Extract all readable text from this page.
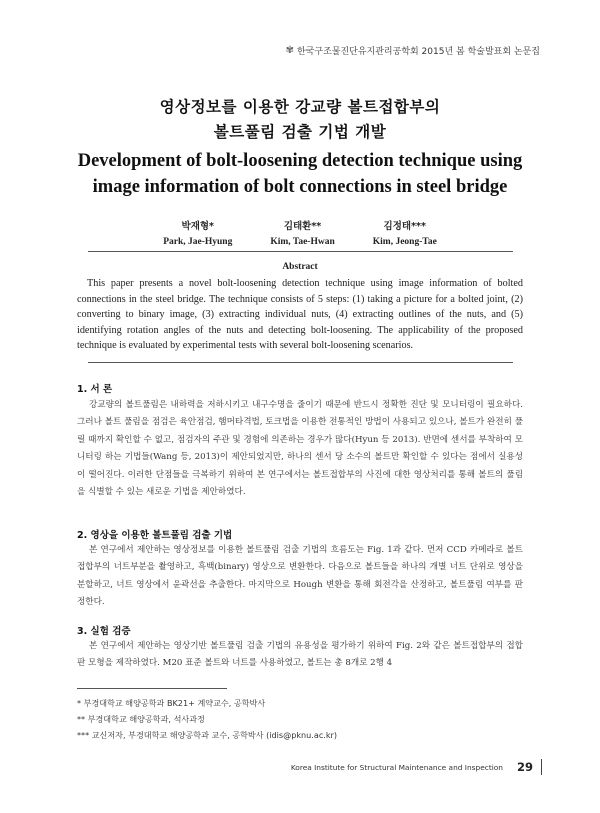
✾ 한국구조물진단유지관리공학회 2015년 봄 학술발표회 논문집
영상정보를 이용한 강교량 볼트접합부의
볼트풀림 검출 기법 개발
Development of bolt-loosening detection technique using
image information of bolt connections in steel bridge
박재형*
Park, Jae-Hyung
김태환**
Kim, Tae-Hwan
김정태***
Kim, Jeong-Tae
Abstract

This paper presents a novel bolt-loosening detection technique using image information of bolted connections in the steel bridge. The technique consists of 5 steps: (1) taking a picture for a bolted joint, (2) converting to binary image, (3) extracting individual nuts, (4) extracting outlines of the nuts, and (5) identifying rotation angles of the nuts and detecting bolt-loosening. The applicability of the proposed technique is evaluated by experimental tests with several bolt-loosening scenarios.

1. 서 론

강교량의 볼트풀림은 내하력을 저하시키고 내구수명을 줄이기 때문에 반드시 정확한 진단 및 모니터링이 필요하다. 그러나 볼트 풀림을 점검은 육안점검, 햄머타격법, 토크법을 이용한 전통적인 방법이 사용되고 있으나, 볼트가 완전히 풀릴 때까지 확인할 수 없고, 점검자의 주관 및 경험에 의존하는 경우가 많다(Hyun 등 2013). 반면에 센서를 부착하여 모니터링 하는 기법들(Wang 등, 2013)이 제안되었지만, 하나의 센서 당 소수의 볼트만 확인할 수 있다는 점에서 실용성이 떨어진다. 이러한 단점들을 극복하기 위하여 본 연구에서는 볼트접합부의 사진에 대한 영상처리를 통해 볼트의 풀림을 식별할 수 있는 새로운 기법을 제안하였다.

2. 영상을 이용한 볼트풀림 검출 기법

본 연구에서 제안하는 영상정보를 이용한 볼트풀림 검출 기법의 흐름도는 Fig. 1과 같다. 먼저 CCD 카메라로 볼트접합부의 너트부분을 촬영하고, 흑백(binary) 영상으로 변환한다. 다음으로 볼트들을 하나의 개별 너트 단위로 영상을 분할하고, 너트 영상에서 윤곽선을 추출한다. 마지막으로 Hough 변환을 통해 회전각을 산정하고, 볼트풀림 여부를 판정한다.

3. 실험 검증

본 연구에서 제안하는 영상기반 볼트풀림 검출 기법의 유용성을 평가하기 위하여 Fig. 2와 같은 볼트접합부의 접합판 모형을 제작하였다. M20 표준 볼트와 너트를 사용하였고, 볼트는 총 8개로 2행 4

* 부경대학교 해양공학과 BK21+ 계약교수, 공학박사
** 부경대학교 해양공학과, 석사과정
*** 교신저자, 부경대학교 해양공학과 교수, 공학박사 (idis@pknu.ac.kr)
Korea Institute for Structural Maintenance and Inspection 29
